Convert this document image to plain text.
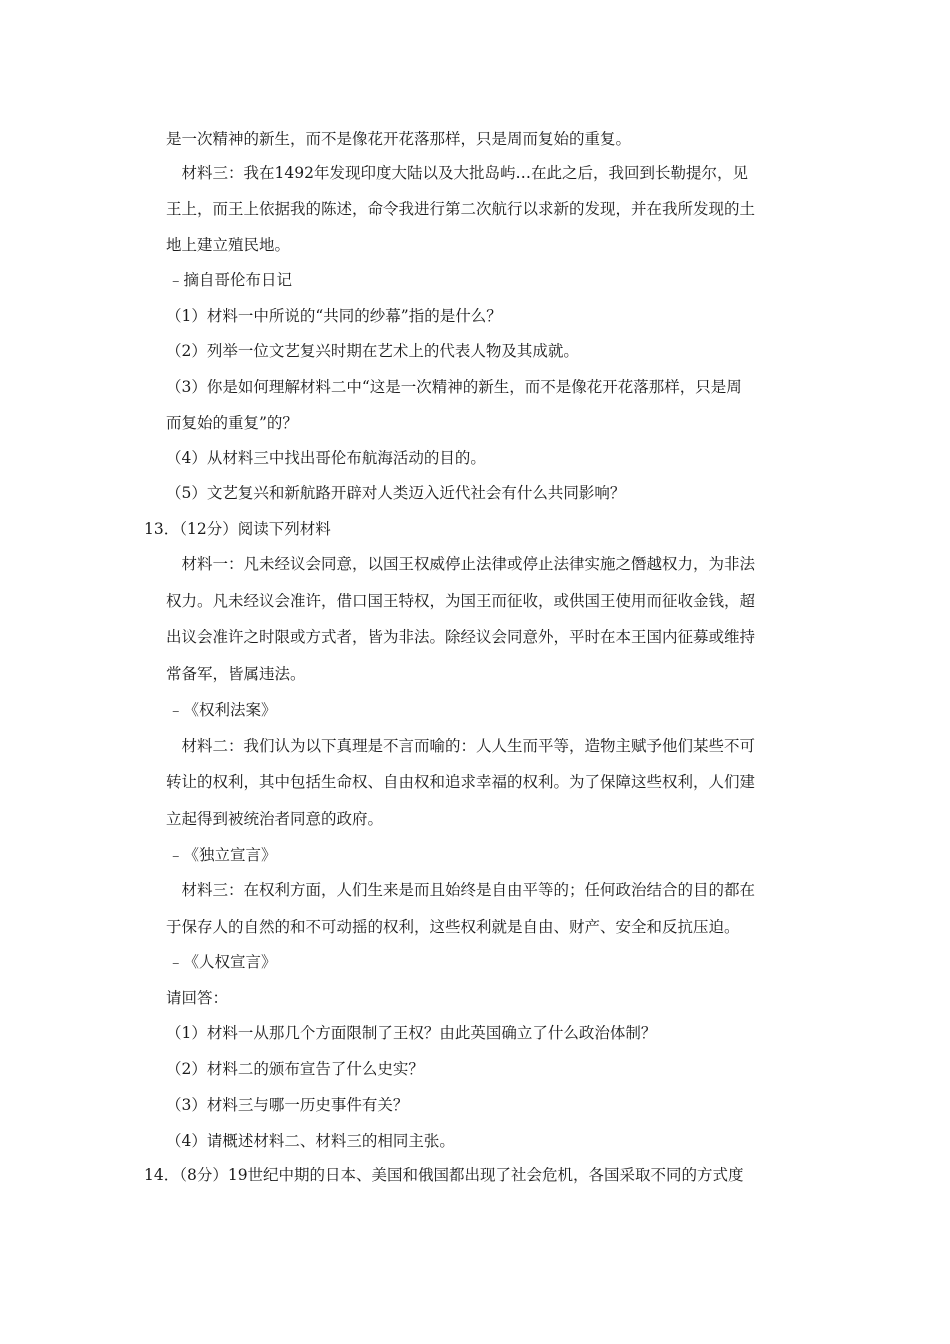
是一次精神的新生，而不是像花开花落那样，只是周而复始的重复。
　材料三：我在1492年发现印度大陆以及大批岛屿…在此之后，我回到长勒提尔，见
王上，而王上依据我的陈述，命令我进行第二次航行以求新的发现，并在我所发现的土
地上建立殖民地。
﹣摘自哥伦布日记
（1）材料一中所说的“共同的纱幕”指的是什么？
（2）列举一位文艺复兴时期在艺术上的代表人物及其成就。
（3）你是如何理解材料二中“这是一次精神的新生，而不是像花开花落那样，只是周
而复始的重复”的？
（4）从材料三中找出哥伦布航海活动的目的。
（5）文艺复兴和新航路开辟对人类迈入近代社会有什么共同影响？
13．（12分）阅读下列材料
　材料一：凡未经议会同意，以国王权威停止法律或停止法律实施之僭越权力，为非法
权力。凡未经议会准许，借口国王特权，为国王而征收，或供国王使用而征收金钱，超
出议会准许之时限或方式者，皆为非法。除经议会同意外，平时在本王国内征募或维持
常备军，皆属违法。
﹣《权利法案》
　材料二：我们认为以下真理是不言而喻的：人人生而平等，造物主赋予他们某些不可
转让的权利，其中包括生命权、自由权和追求幸福的权利。为了保障这些权利，人们建
立起得到被统治者同意的政府。
﹣《独立宣言》
　材料三：在权利方面，人们生来是而且始终是自由平等的；任何政治结合的目的都在
于保存人的自然的和不可动摇的权利，这些权利就是自由、财产、安全和反抗压迫。
﹣《人权宣言》
请回答：
（1）材料一从那几个方面限制了王权？由此英国确立了什么政治体制？
（2）材料二的颁布宣告了什么史实？
（3）材料三与哪一历史事件有关？
（4）请概述材料二、材料三的相同主张。
14．（8分）19世纪中期的日本、美国和俄国都出现了社会危机，各国采取不同的方式度
